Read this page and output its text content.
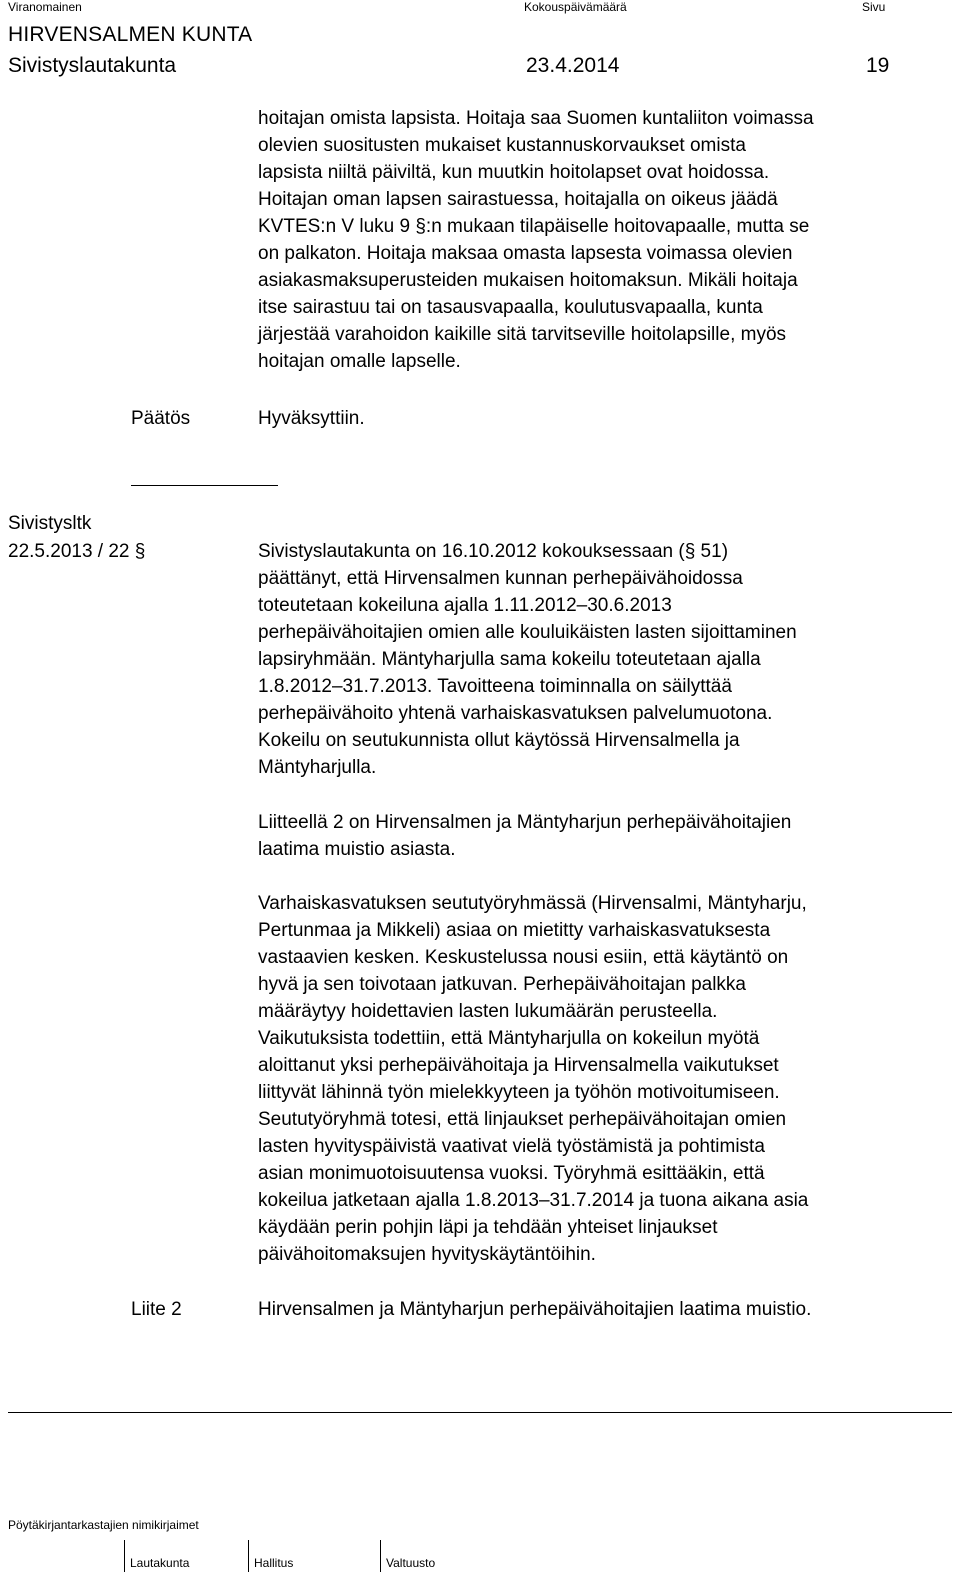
Viranomainen	Kokouspäivämäärä	Sivu
HIRVENSALMEN KUNTA
Sivistyslautakunta	23.4.2014	19
hoitajan omista lapsista. Hoitaja saa Suomen kuntaliiton voimassa
olevien suositusten mukaiset kustannuskorvaukset omista
lapsista niiltä päiviltä, kun muutkin hoitolapset ovat hoidossa.
Hoitajan oman lapsen sairastuessa, hoitajalla on oikeus jäädä
KVTES:n V luku 9 §:n mukaan tilapäiselle hoitovapaalle, mutta se
on palkaton. Hoitaja maksaa omasta lapsesta voimassa olevien
asiakasmaksuperusteiden mukaisen hoitomaksun. Mikäli hoitaja
itse sairastuu tai on tasausvapaalla, koulutusvapaalla, kunta
järjestää varahoidon kaikille sitä tarvitseville hoitolapsille, myös
hoitajan omalle lapselle.
Päätös	Hyväksyttiin.
Sivistysltk
22.5.2013 / 22 §	Sivistyslautakunta on 16.10.2012 kokouksessaan (§ 51)
päättänyt, että Hirvensalmen kunnan perhepäivähoidossa
toteutetaan kokeiluna ajalla 1.11.2012–30.6.2013
perhepäivähoitajien omien alle kouluikäisten lasten sijoittaminen
lapsiryhmään. Mäntyharjulla sama kokeilu toteutetaan ajalla
1.8.2012–31.7.2013. Tavoitteena toiminnalla on säilyttää
perhepäivähoito yhtenä varhaiskasvatuksen palvelumuotona.
Kokeilu on seutukunnista ollut käytössä Hirvensalmella ja
Mäntyharjulla.
Liitteellä 2 on Hirvensalmen ja Mäntyharjun perhepäivähoitajien
laatima muistio asiasta.
Varhaiskasvatuksen seututyöryhmässä (Hirvensalmi, Mäntyharju,
Pertunmaa ja Mikkeli) asiaa on mietitty varhaiskasvatuksesta
vastaavien kesken. Keskustelussa nousi esiin, että käytäntö on
hyvä ja sen toivotaan jatkuvan. Perhepäivähoitajan palkka
määräytyy hoidettavien lasten lukumäärän perusteella.
Vaikutuksista todettiin, että Mäntyharjulla on kokeilun myötä
aloittanut yksi perhepäivähoitaja ja Hirvensalmella vaikutukset
liittyvät lähinnä työn mielekkyyteen ja työhön motivoitumiseen.
Seututyöryhmä totesi, että linjaukset perhepäivähoitajan omien
lasten hyvityspäivistä vaativat vielä työstämistä ja pohtimista
asian monimuotoisuutensa vuoksi. Työryhmä esittääkin, että
kokeilua jatketaan ajalla 1.8.2013–31.7.2014 ja tuona aikana asia
käydään perin pohjin läpi ja tehdään yhteiset linjaukset
päivähoitomaksujen hyvityskäytäntöihin.
Liite 2	Hirvensalmen ja Mäntyharjun perhepäivähoitajien laatima muistio.
Pöytäkirjantarkastajien nimikirjaimet
Lautakunta	Hallitus	Valtuusto
